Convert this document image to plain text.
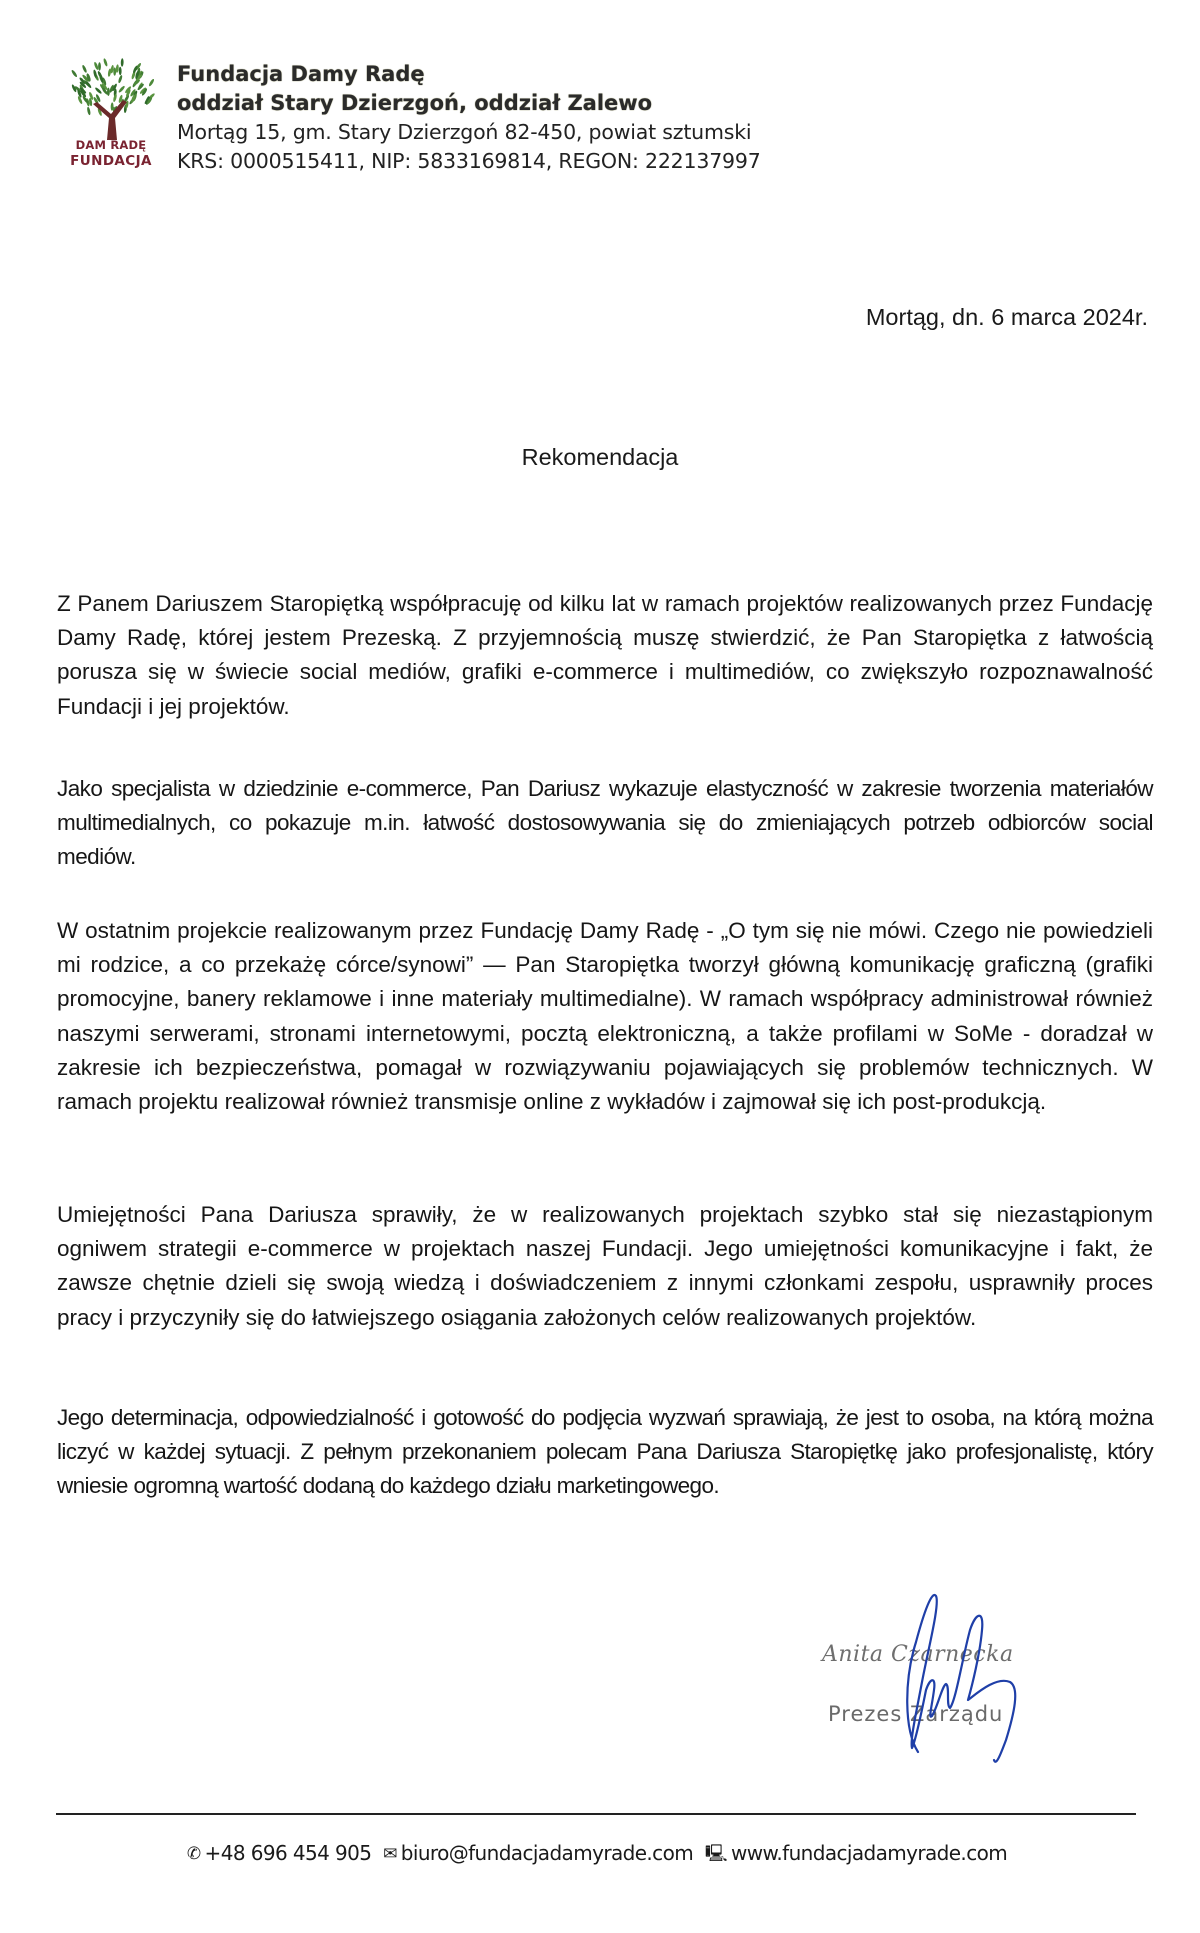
DAM RADĘ
FUNDACJA
Fundacja Damy Radę
oddział Stary Dzierzgoń, oddział Zalewo
Mortąg 15, gm. Stary Dzierzgoń 82-450, powiat sztumski
KRS: 0000515411, NIP: 5833169814, REGON: 222137997
Mortąg, dn. 6 marca 2024r.
Rekomendacja
Z Panem Dariuszem Staropiętką współpracuję od kilku lat w ramach projektów realizowanych przez Fundację Damy Radę, której jestem Prezeską. Z przyjemnością muszę stwierdzić, że Pan Staropiętka z łatwością porusza się w świecie social mediów, grafiki e-commerce i multimediów, co zwiększyło rozpoznawalność Fundacji i jej projektów.
Jako specjalista w dziedzinie e-commerce, Pan Dariusz wykazuje elastyczność w zakresie tworzenia materiałów multimedialnych, co pokazuje m.in. łatwość dostosowywania się do zmieniających potrzeb odbiorców social mediów.
W ostatnim projekcie realizowanym przez Fundację Damy Radę - „O tym się nie mówi. Czego nie powiedzieli mi rodzice, a co przekażę córce/synowi” — Pan Staropiętka tworzył główną komunikację graficzną (grafiki promocyjne, banery reklamowe i inne materiały multimedialne). W ramach współpracy administrował również naszymi serwerami, stronami internetowymi, pocztą elektroniczną, a także profilami w SoMe - doradzał w zakresie ich bezpieczeństwa, pomagał w rozwiązywaniu pojawiających się problemów technicznych. W ramach projektu realizował również transmisje online z wykładów i zajmował się ich post-produkcją.
Umiejętności Pana Dariusza sprawiły, że w realizowanych projektach szybko stał się niezastąpionym ogniwem strategii e-commerce w projektach naszej Fundacji. Jego umiejętności komunikacyjne i fakt, że zawsze chętnie dzieli się swoją wiedzą i doświadczeniem z innymi członkami zespołu, usprawniły proces pracy i przyczyniły się do łatwiejszego osiągania założonych celów realizowanych projektów.
Jego determinacja, odpowiedzialność i gotowość do podjęcia wyzwań sprawiają, że jest to osoba, na którą można liczyć w każdej sytuacji. Z pełnym przekonaniem polecam Pana Dariusza Staropiętkę jako profesjonalistę, który wniesie ogromną wartość dodaną do każdego działu marketingowego.
Anita Czarnecka
Prezes Zarządu
✆ +48 696 454 905 ✉ biuro@fundacjadamyrade.com 🖳 www.fundacjadamyrade.com
